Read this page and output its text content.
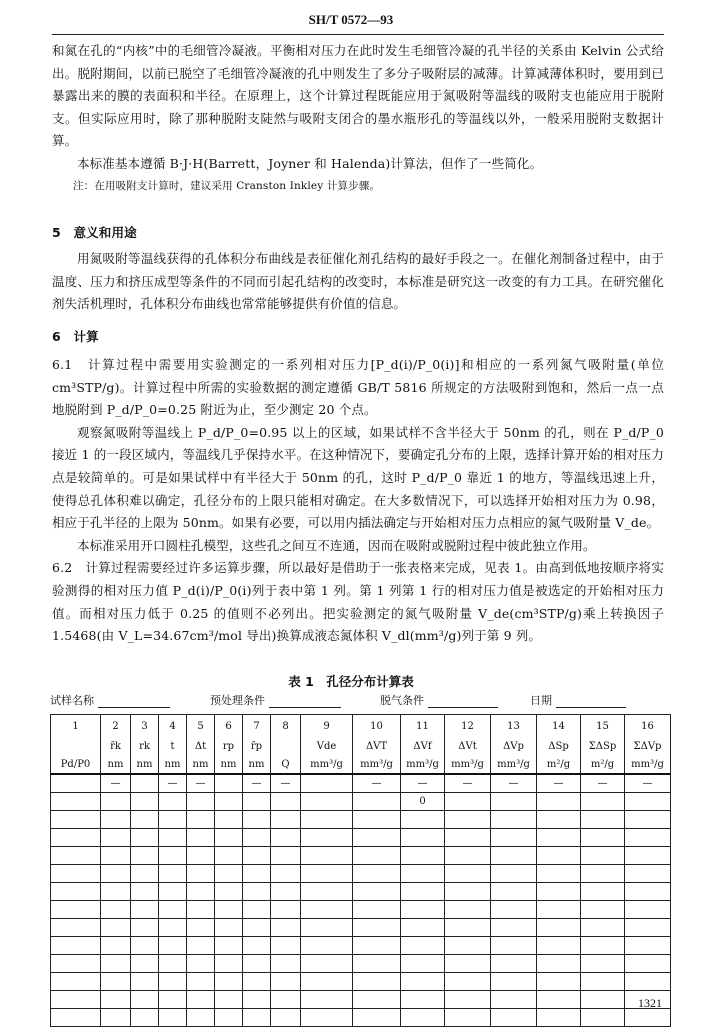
SH/T 0572—93

和氮在孔的“内核”中的毛细管冷凝液。平衡相对压力在此时发生毛细管冷凝的孔半径的关系由 Kelvin 公式给出。脱附期间，以前已脱空了毛细管冷凝液的孔中则发生了多分子吸附层的减薄。计算减薄体积时，要用到已暴露出来的膜的表面积和半径。在原理上，这个计算过程既能应用于氮吸附等温线的吸附支也能应用于脱附支。但实际应用时，除了那种脱附支陡然与吸附支闭合的墨水瓶形孔的等温线以外，一般采用脱附支数据计算。

本标准基本遵循 B·J·H(Barrett，Joyner 和 Halenda)计算法，但作了一些简化。

注：在用吸附支计算时，建议采用 Cranston Inkley 计算步骤。

5　意义和用途

用氮吸附等温线获得的孔体积分布曲线是表征催化剂孔结构的最好手段之一。在催化剂制备过程中，由于温度、压力和挤压成型等条件的不同而引起孔结构的改变时，本标准是研究这一改变的有力工具。在研究催化剂失活机理时，孔体积分布曲线也常常能够提供有价值的信息。

6　计算

6.1　计算过程中需要用实验测定的一系列相对压力[P_d(i)/P_0(i)]和相应的一系列氮气吸附量(单位 cm³STP/g)。计算过程中所需的实验数据的测定遵循 GB/T 5816 所规定的方法吸附到饱和，然后一点一点地脱附到 P_d/P_0=0.25 附近为止，至少测定 20 个点。

观察氮吸附等温线上 P_d/P_0=0.95 以上的区域，如果试样不含半径大于 50nm 的孔，则在 P_d/P_0 接近 1 的一段区域内，等温线几乎保持水平。在这种情况下，要确定孔分布的上限，选择计算开始的相对压力点是较简单的。可是如果试样中有半径大于 50nm 的孔，这时 P_d/P_0 靠近 1 的地方，等温线迅速上升，使得总孔体积难以确定，孔径分布的上限只能相对确定。在大多数情况下，可以选择开始相对压力为 0.98，相应于孔半径的上限为 50nm。如果有必要，可以用内插法确定与开始相对压力点相应的氮气吸附量 V_de。

本标准采用开口圆柱孔模型，这些孔之间互不连通，因而在吸附或脱附过程中彼此独立作用。

6.2　计算过程需要经过许多运算步骤，所以最好是借助于一张表格来完成，见表 1。由高到低地按顺序将实验测得的相对压力值 P_d(i)/P_0(i)列于表中第 1 列。第 1 列第 1 行的相对压力值是被选定的开始相对压力值。而相对压力低于 0.25 的值则不必列出。把实验测定的氮气吸附量 V_de(cm³STP/g)乘上转换因子 1.5468(由 V_L=34.67cm³/mol 导出)换算成液态氮体积 V_dl(mm³/g)列于第 9 列。

表 1　孔径分布计算表
试样名称	预处理条件	脱气条件	日期
1	2	3	4	5	6	7	8	9	10	11	12	13	14	15	16
	r̄k	rk	t	Δt	rp	r̄p		Vde	ΔVT	ΔVf	ΔVt	ΔVp	ΔSp	ΣΔSp	ΣΔVp
Pd/P0	nm	nm	nm	nm	nm	nm	Q	mm³/g	mm³/g	mm³/g	mm³/g	mm³/g	m²/g	m²/g	mm³/g
	—		—	—		—	—		—	—	—	—	—	—	—
										0					

1321
